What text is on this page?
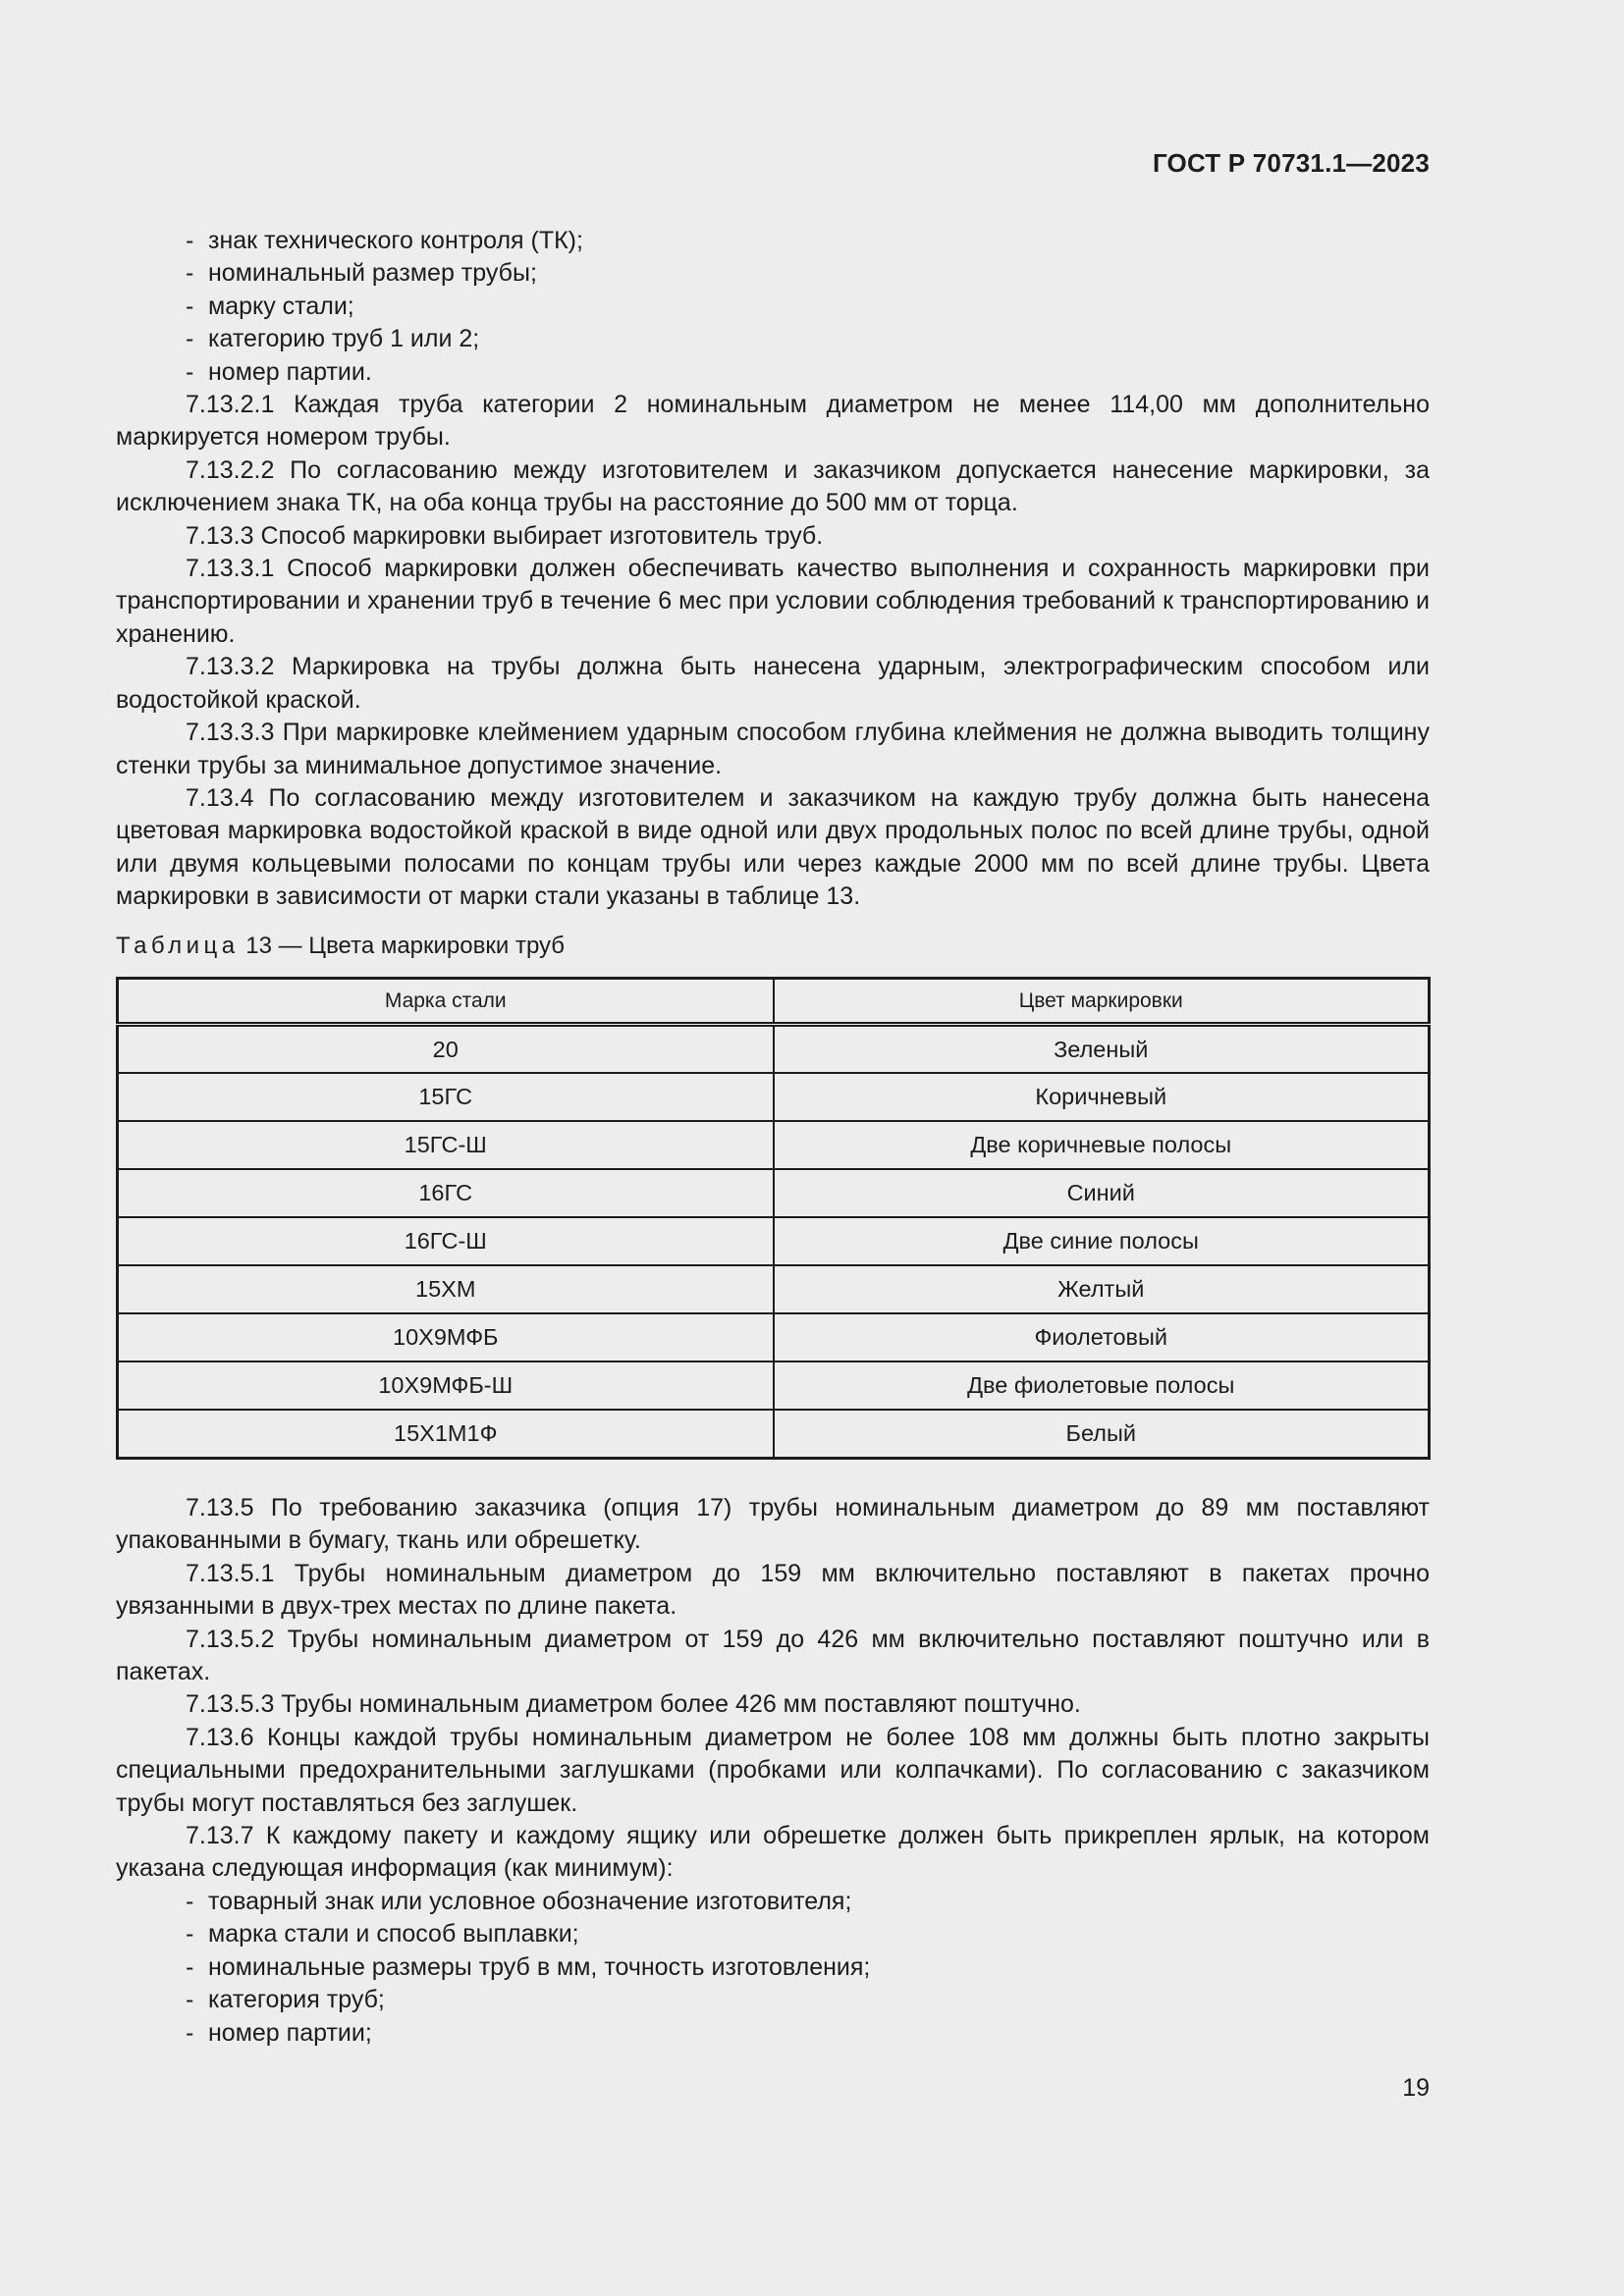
ГОСТ Р 70731.1—2023
- знак технического контроля (ТК);
- номинальный размер трубы;
- марку стали;
- категорию труб 1 или 2;
- номер партии.
7.13.2.1 Каждая труба категории 2 номинальным диаметром не менее 114,00 мм дополнительно маркируется номером трубы.
7.13.2.2 По согласованию между изготовителем и заказчиком допускается нанесение маркировки, за исключением знака ТК, на оба конца трубы на расстояние до 500 мм от торца.
7.13.3 Способ маркировки выбирает изготовитель труб.
7.13.3.1 Способ маркировки должен обеспечивать качество выполнения и сохранность маркировки при транспортировании и хранении труб в течение 6 мес при условии соблюдения требований к транспортированию и хранению.
7.13.3.2 Маркировка на трубы должна быть нанесена ударным, электрографическим способом или водостойкой краской.
7.13.3.3 При маркировке клеймением ударным способом глубина клеймения не должна выводить толщину стенки трубы за минимальное допустимое значение.
7.13.4 По согласованию между изготовителем и заказчиком на каждую трубу должна быть нанесена цветовая маркировка водостойкой краской в виде одной или двух продольных полос по всей длине трубы, одной или двумя кольцевыми полосами по концам трубы или через каждые 2000 мм по всей длине трубы. Цвета маркировки в зависимости от марки стали указаны в таблице 13.
Таблица 13 — Цвета маркировки труб
Марка стали	Цвет маркировки
20	Зеленый
15ГС	Коричневый
15ГС-Ш	Две коричневые полосы
16ГС	Синий
16ГС-Ш	Две синие полосы
15ХМ	Желтый
10Х9МФБ	Фиолетовый
10Х9МФБ-Ш	Две фиолетовые полосы
15Х1М1Ф	Белый
7.13.5 По требованию заказчика (опция 17) трубы номинальным диаметром до 89 мм поставляют упакованными в бумагу, ткань или обрешетку.
7.13.5.1 Трубы номинальным диаметром до 159 мм включительно поставляют в пакетах прочно увязанными в двух-трех местах по длине пакета.
7.13.5.2 Трубы номинальным диаметром от 159 до 426 мм включительно поставляют поштучно или в пакетах.
7.13.5.3 Трубы номинальным диаметром более 426 мм поставляют поштучно.
7.13.6 Концы каждой трубы номинальным диаметром не более 108 мм должны быть плотно закрыты специальными предохранительными заглушками (пробками или колпачками). По согласованию с заказчиком трубы могут поставляться без заглушек.
7.13.7 К каждому пакету и каждому ящику или обрешетке должен быть прикреплен ярлык, на котором указана следующая информация (как минимум):
- товарный знак или условное обозначение изготовителя;
- марка стали и способ выплавки;
- номинальные размеры труб в мм, точность изготовления;
- категория труб;
- номер партии;
19
